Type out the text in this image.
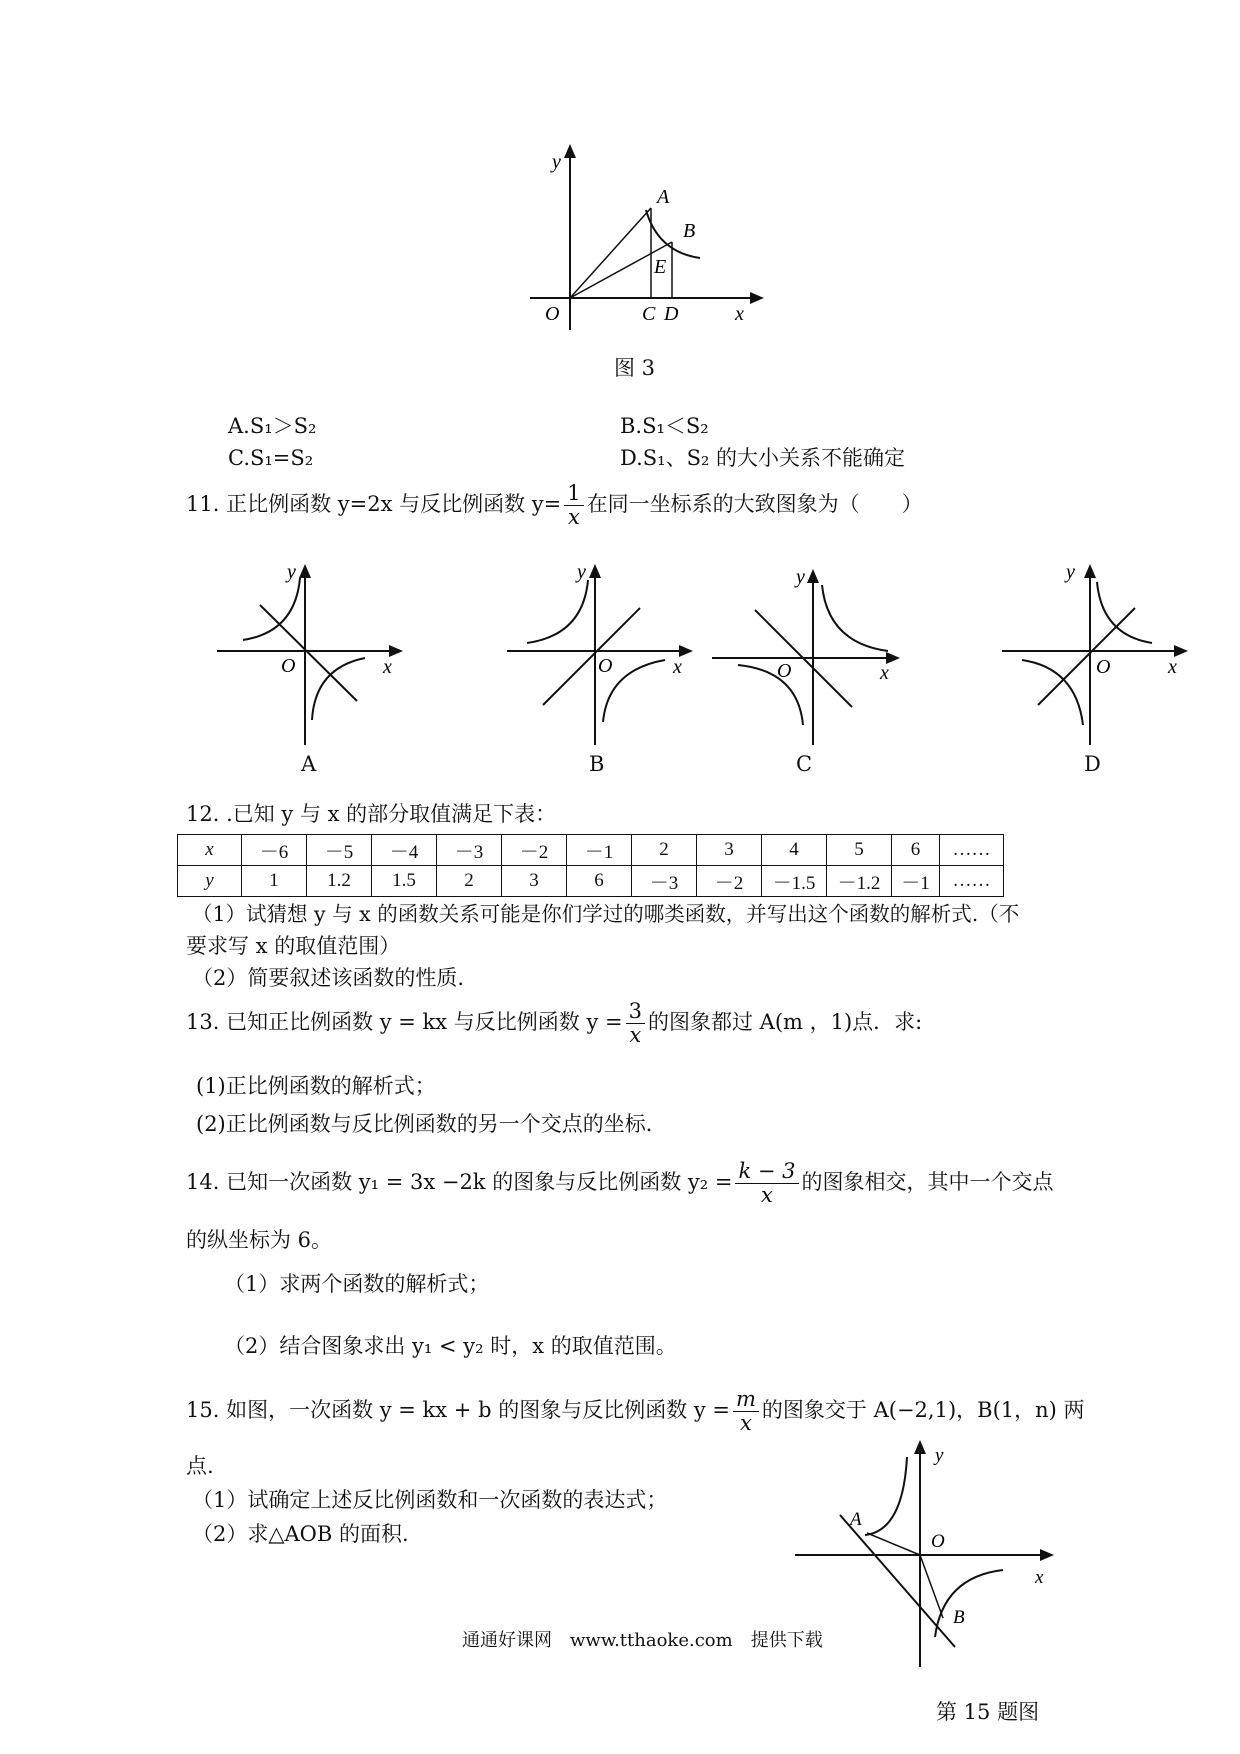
y
A
B
E
O	C D	x
图 3
A.S₁＞S₂	B.S₁＜S₂
C.S₁=S₂	D.S₁、S₂ 的大小关系不能确定
11. 正比例函数 y=2x 与反比例函数 $y= \frac{1}{x}$ 在同一坐标系的大致图象为（　　）
y
O	x
A
y
O	x
B
y
O	x
C
y
O	x
D
12. .已知 y 与 x 的部分取值满足下表：
x	－6	－5	－4	－3	－2	－1	2	3	4	5	6	……
y	1	1.2	1.5	2	3	6	－3	－2	－1.5	－1.2	－1	……
（1）试猜想 y 与 x 的函数关系可能是你们学过的哪类函数，并写出这个函数的解析式.（不
要求写 x 的取值范围）
（2）简要叙述该函数的性质.
13. 已知正比例函数 y = kx 与反比例函数 $y = \frac{3}{x}$ 的图象都过 A(m ，1)点．求:
(1)正比例函数的解析式；
(2)正比例函数与反比例函数的另一个交点的坐标．
14. 已知一次函数 y₁ = 3x −2k 的图象与反比例函数 $y_2 = \frac{k - 3}{x}$ 的图象相交，其中一个交点
的纵坐标为 6。
（1）求两个函数的解析式；
（2）结合图象求出 y₁ < y₂ 时，x 的取值范围。
15. 如图，一次函数 y = kx + b 的图象与反比例函数 $y = \frac{m}{x}$ 的图象交于 A(−2,1)，B(1，n) 两
点.
（1）试确定上述反比例函数和一次函数的表达式；
（2）求△AOB 的面积.
y
O
x
A
B
第 15 题图
通通好课网　www.tthaoke.com　提供下载
